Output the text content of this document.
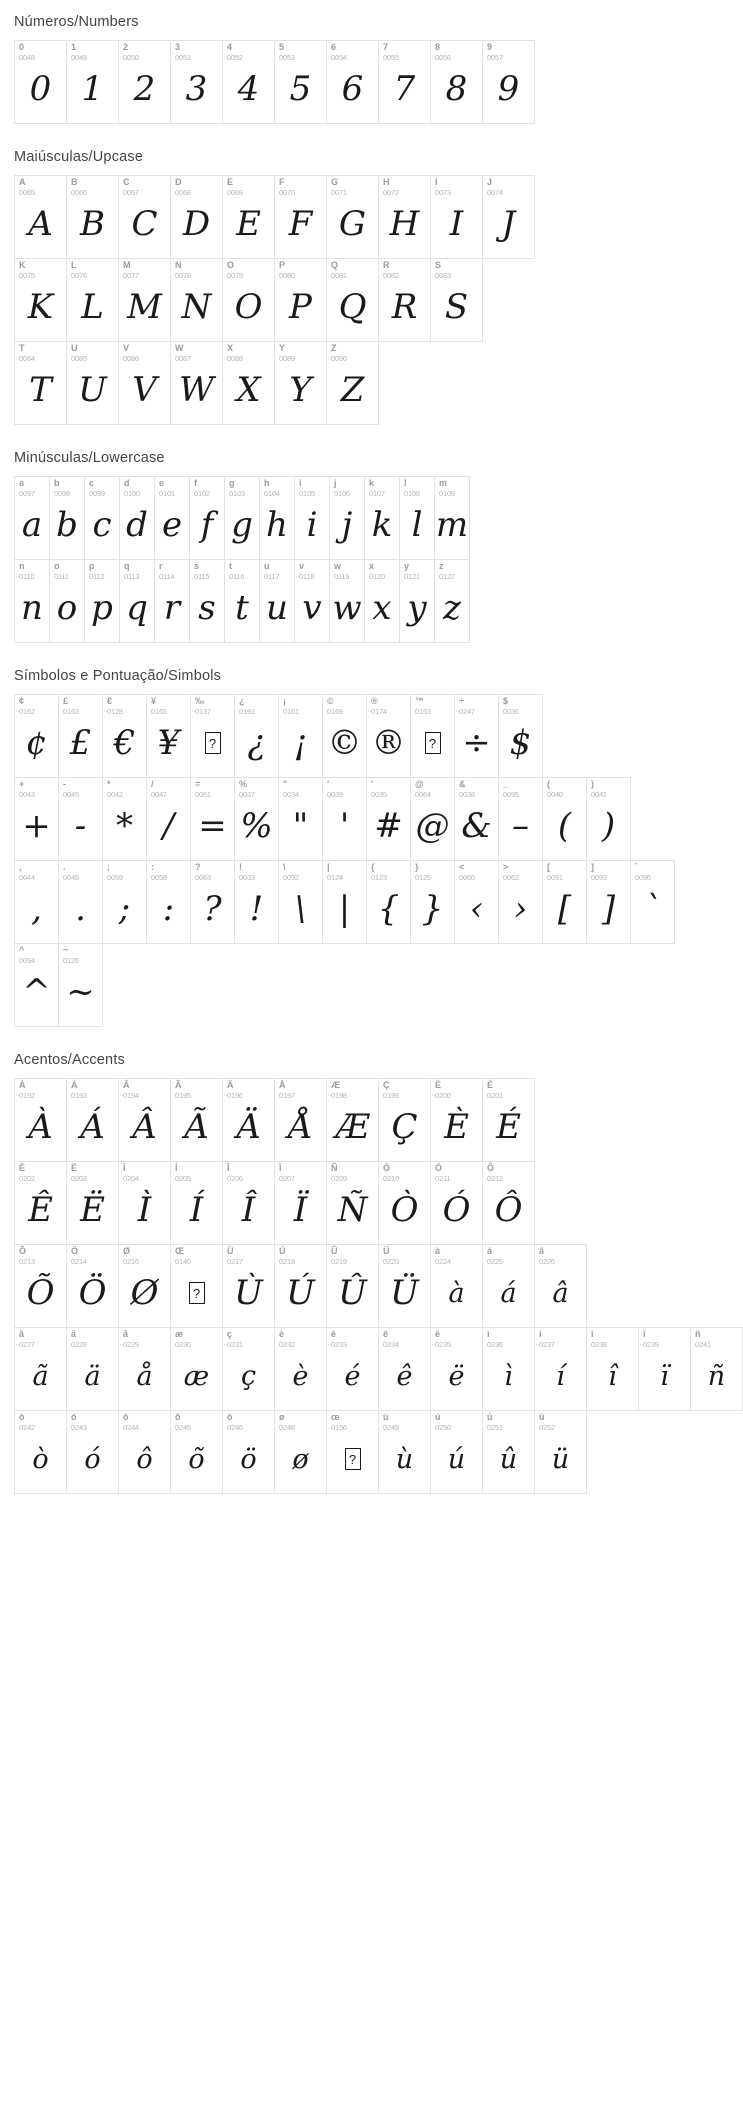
Números/Numbers
0
0048
0
1
0049
1
2
0050
2
3
0051
3
4
0052
4
5
0053
5
6
0054
6
7
0055
7
8
0056
8
9
0057
9
Maiúsculas/Upcase
A
0065
A
B
0066
B
C
0067
C
D
0068
D
E
0069
E
F
0070
F
G
0071
G
H
0072
H
I
0073
I
J
0074
J
K
0075
K
L
0076
L
M
0077
M
N
0078
N
O
0079
O
P
0080
P
Q
0081
Q
R
0082
R
S
0083
S
T
0084
T
U
0085
U
V
0086
V
W
0087
W
X
0088
X
Y
0089
Y
Z
0090
Z
Minúsculas/Lowercase
a
0097
a
b
0098
b
c
0099
c
d
0100
d
e
0101
e
f
0102
f
g
0103
g
h
0104
h
i
0105
i
j
0106
j
k
0107
k
l
0108
l
m
0109
m
n
0110
n
o
0111
o
p
0112
p
q
0113
q
r
0114
r
s
0115
s
t
0116
t
u
0117
u
v
0118
v
w
0119
w
x
0120
x
y
0121
y
z
0122
z
Símbolos e Pontuação/Simbols
¢
0162
¢
£
0163
£
€
0128
€
¥
0165
¥
‰
0137
?
¿
0191
¿
¡
0161
¡
©
0169
©
®
0174
®
™
0153
?
÷
0247
÷
$
0036
$
+
0043
+
-
0045
-
*
0042
*
/
0047
/
=
0061
=
%
0037
%
"
0034
"
'
0039
'
'
0035
#
@
0064
@
&
0038
&
_
0095
–
(
0040
(
)
0041
)
,
0044
,
.
0046
.
;
0059
;
:
0058
:
?
0063
?
!
0033
!
\
0092
\
|
0124
|
{
0123
{
}
0125
}
<
0060
‹
>
0062
›
[
0091
[
]
0093
]
`
0096
`
^
0094
^
~
0126
~
Acentos/Accents
À
0192
À
Á
0193
Á
Â
0194
Â
Ã
0195
Ã
Ä
0196
Ä
Å
0197
Å
Æ
0198
Æ
Ç
0199
Ç
È
0200
È
É
0201
É
Ê
0202
Ê
Ë
0203
Ë
Ì
0204
Ì
Í
0205
Í
Î
0206
Î
Ï
0207
Ï
Ñ
0209
Ñ
Ò
0210
Ò
Ó
0211
Ó
Ô
0212
Ô
Õ
0213
Õ
Ö
0214
Ö
Ø
0216
Ø
Œ
0140
?
Ù
0217
Ù
Ú
0218
Ú
Û
0219
Û
Ü
0220
Ü
à
0224
à
á
0225
á
â
0226
â
ã
0227
ã
ä
0228
ä
å
0229
å
æ
0230
æ
ç
0231
ç
è
0232
è
é
0233
é
ê
0234
ê
ë
0235
ë
ì
0236
ì
í
0237
í
î
0238
î
ï
0239
ï
ñ
0241
ñ
ò
0242
ò
ó
0243
ó
ô
0244
ô
õ
0245
õ
ö
0246
ö
ø
0248
ø
œ
0156
?
ù
0249
ù
ú
0250
ú
û
0251
û
ü
0252
ü
